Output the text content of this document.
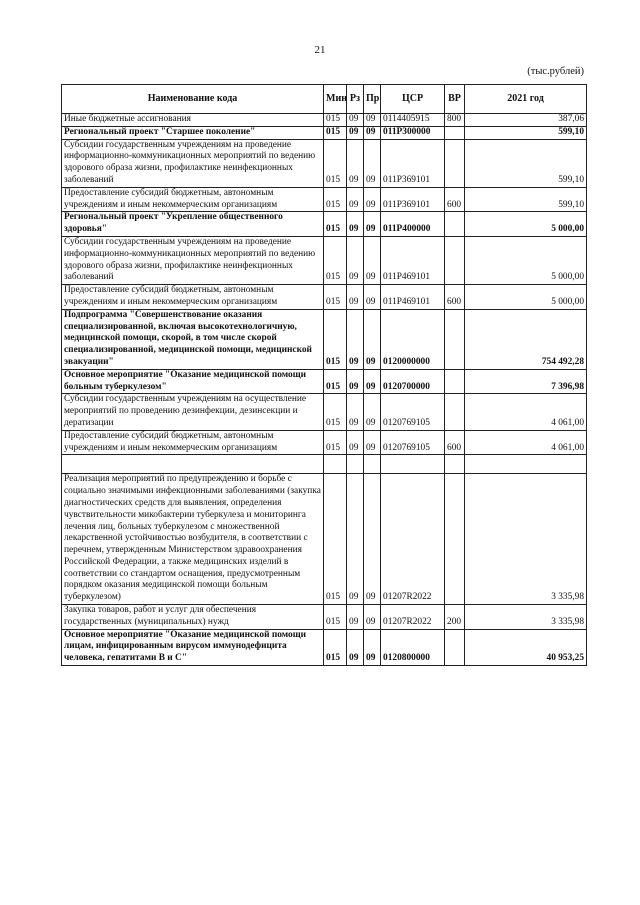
21
(тыс.рублей)
Наименование кода	Мин	Рз	Пр	ЦСР	ВР	2021 год
Иные бюджетные ассигнования	015	09	09	0114405915	800	387,06
Региональный проект "Старшее поколение"	015	09	09	011P300000		599,10
Субсидии государственным учреждениям на проведение информационно-коммуникационных мероприятий по ведению здорового образа жизни, профилактике неинфекционных заболеваний	015	09	09	011P369101		599,10
Предоставление субсидий бюджетным, автономным учреждениям и иным некоммерческим организациям	015	09	09	011P369101	600	599,10
Региональный проект "Укрепление общественного здоровья"	015	09	09	011P400000		5 000,00
Субсидии государственным учреждениям на проведение информационно-коммуникационных мероприятий по ведению здорового образа жизни, профилактике неинфекционных заболеваний	015	09	09	011P469101		5 000,00
Предоставление субсидий бюджетным, автономным учреждениям и иным некоммерческим организациям	015	09	09	011P469101	600	5 000,00
Подпрограмма "Совершенствование оказания специализированной, включая высокотехнологичную, медицинской помощи, скорой, в том числе скорой специализированной, медицинской помощи, медицинской эвакуации"	015	09	09	0120000000		754 492,28
Основное мероприятие "Оказание медицинской помощи больным туберкулезом"	015	09	09	0120700000		7 396,98
Субсидии государственным учреждениям на осуществление мероприятий по проведению дезинфекции, дезинсекции и дератизации	015	09	09	0120769105		4 061,00
Предоставление субсидий бюджетным, автономным учреждениям и иным некоммерческим организациям	015	09	09	0120769105	600	4 061,00

Реализация мероприятий по предупреждению и борьбе с социально значимыми инфекционными заболеваниями (закупка диагностических средств для выявления, определения чувствительности микобактерии туберкулеза и мониторинга лечения лиц, больных туберкулезом с множественной лекарственной устойчивостью возбудителя, в соответствии с перечнем, утвержденным Министерством здравоохранения Российской Федерации, а также медицинских изделий в соответствии со стандартом оснащения, предусмотренным порядком оказания медицинской помощи больным туберкулезом)	015	09	09	01207R2022		3 335,98
Закупка товаров, работ и услуг для обеспечения государственных (муниципальных) нужд	015	09	09	01207R2022	200	3 335,98
Основное мероприятие "Оказание медицинской помощи лицам, инфицированным вирусом иммунодефицита человека, гепатитами В и С"	015	09	09	0120800000		40 953,25
